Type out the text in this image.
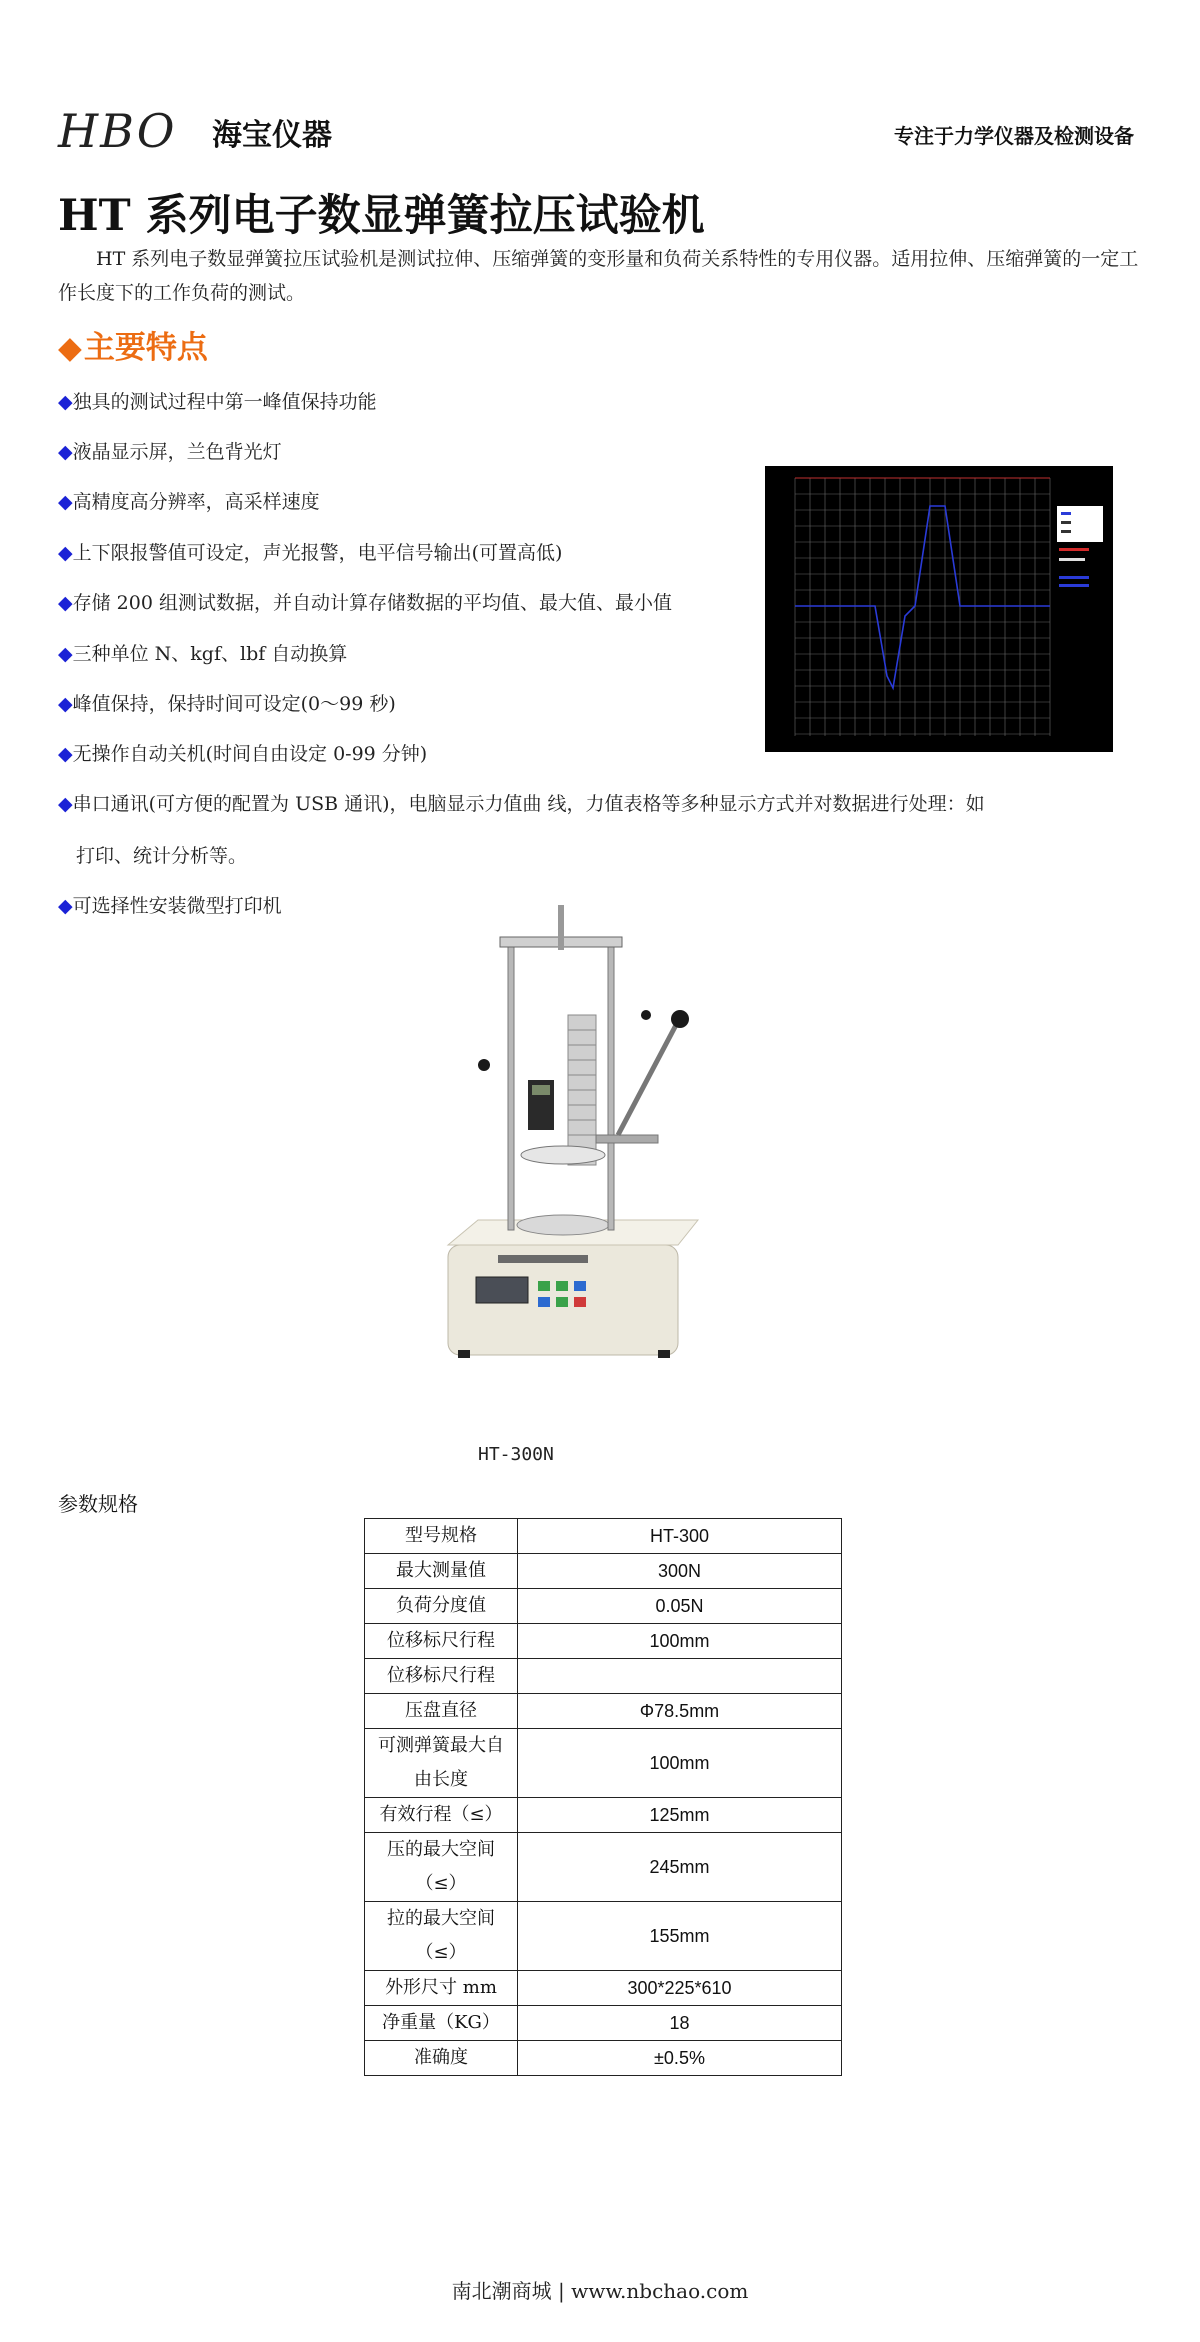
HBO 海宝仪器	专注于力学仪器及检测设备
HT 系列电子数显弹簧拉压试验机
HT 系列电子数显弹簧拉压试验机是测试拉伸、压缩弹簧的变形量和负荷关系特性的专用仪器。适用拉伸、压缩弹簧的一定工作长度下的工作负荷的测试。
◆主要特点
◆独具的测试过程中第一峰值保持功能
◆液晶显示屏，兰色背光灯
◆高精度高分辨率，高采样速度
◆上下限报警值可设定，声光报警，电平信号输出(可置高低)
◆存储 200 组测试数据，并自动计算存储数据的平均值、最大值、最小值
◆三种单位 N、kgf、lbf 自动换算
◆峰值保持，保持时间可设定(0～99 秒)
◆无操作自动关机(时间自由设定 0-99 分钟)
◆串口通讯(可方便的配置为 USB 通讯)，电脑显示力值曲 线，力值表格等多种显示方式并对数据进行处理：如
打印、统计分析等。
◆可选择性安装微型打印机
HT-300N
参数规格
型号规格	HT-300
最大测量值	300N
负荷分度值	0.05N
位移标尺行程	100mm
位移标尺行程	
压盘直径	Φ78.5mm
可测弹簧最大自由长度	100mm
有效行程（≤）	125mm
压的最大空间（≤）	245mm
拉的最大空间（≤）	155mm
外形尺寸 mm	300*225*610
净重量（KG）	18
准确度	±0.5%
南北潮商城 | www.nbchao.com
